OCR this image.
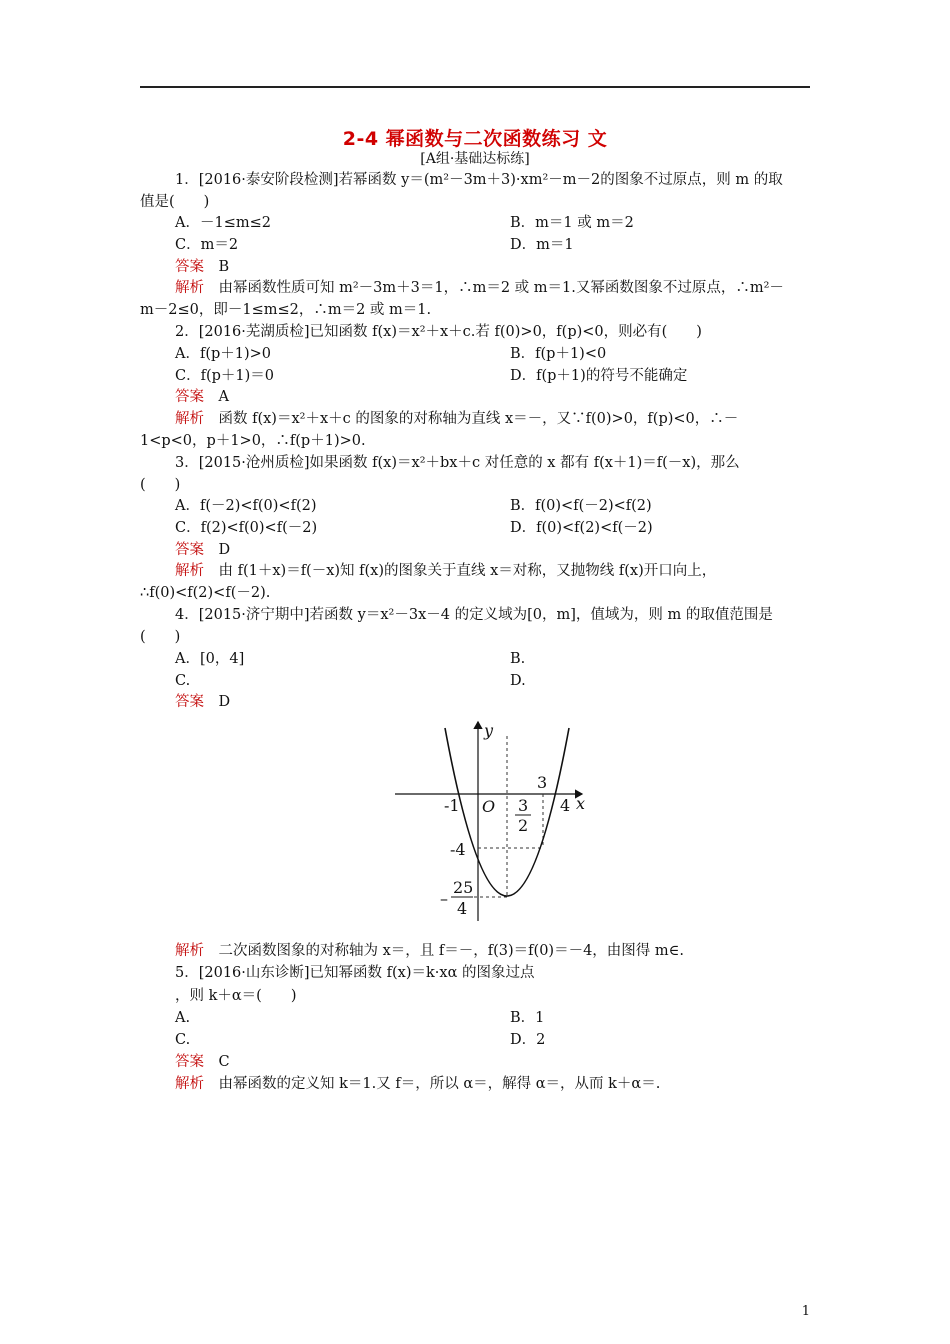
2-4 幂函数与二次函数练习 文
[A组·基础达标练]
1．[2016·泰安阶段检测]若幂函数 y＝(m²－3m＋3)·xm²－m－2的图象不过原点，则 m 的取
值是(　　)
A．－1≤m≤2	B．m＝1 或 m＝2
C．m＝2	D．m＝1
答案　 B
解析　 由幂函数性质可知 m²－3m＋3＝1，∴m＝2 或 m＝1.又幂函数图象不过原点，∴m²－
m－2≤0，即－1≤m≤2，∴m＝2 或 m＝1.
2．[2016·芜湖质检]已知函数 f(x)＝x²＋x＋c.若 f(0)>0，f(p)<0，则必有(　　)
A．f(p＋1)>0	B．f(p＋1)<0
C．f(p＋1)＝0	D．f(p＋1)的符号不能确定
答案　 A
解析　 函数 f(x)＝x²＋x＋c 的图象的对称轴为直线 x＝－，又∵f(0)>0，f(p)<0，∴－
1<p<0，p＋1>0，∴f(p＋1)>0.
3．[2015·沧州质检]如果函数 f(x)＝x²＋bx＋c 对任意的 x 都有 f(x＋1)＝f(－x)，那么
(　　)
A．f(－2)<f(0)<f(2)	B．f(0)<f(－2)<f(2)
C．f(2)<f(0)<f(－2)	D．f(0)<f(2)<f(－2)
答案　 D
解析　 由 f(1＋x)＝f(－x)知 f(x)的图象关于直线 x＝对称，又抛物线 f(x)开口向上，
∴f(0)<f(2)<f(－2).
4．[2015·济宁期中]若函数 y＝x²－3x－4 的定义域为[0，m]，值域为，则 m 的取值范围是
(　　)
A．[0，4]	B.
C.	D.
答案　 D
y
x
O
-1	3
2
3
4
-4
–
25
4
解析　 二次函数图象的对称轴为 x＝，且 f＝－，f(3)＝f(0)＝－4，由图得 m∈.
5．[2016·山东诊断]已知幂函数 f(x)＝k·xα 的图象过点
，则 k＋α＝(　　)
A.	B．1
C.	D．2
答案　 C
解析　 由幂函数的定义知 k＝1.又 f＝，所以 α＝，解得 α＝，从而 k＋α＝.
1
